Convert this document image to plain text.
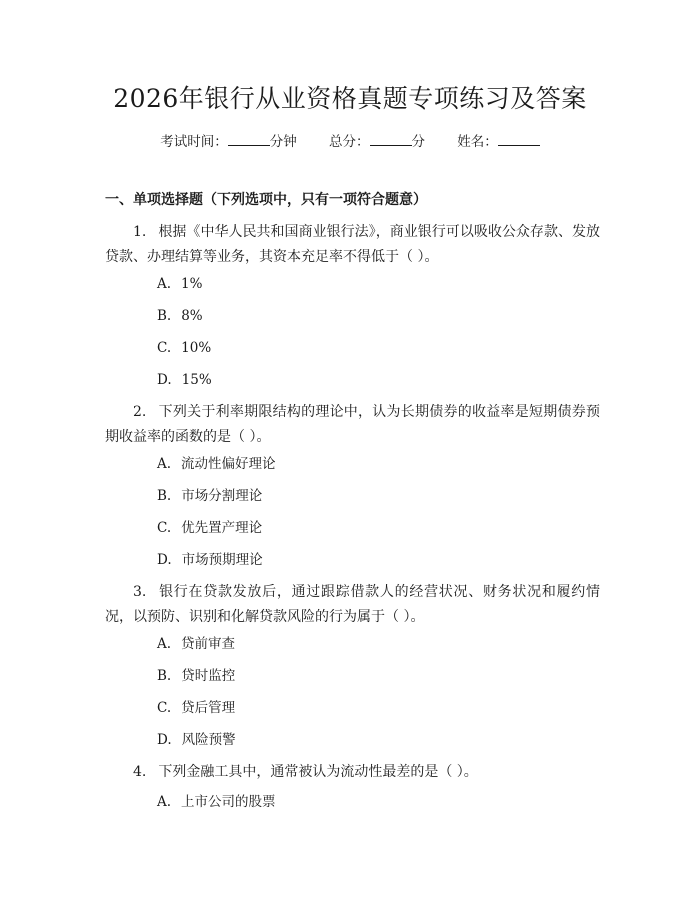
2026年银行从业资格真题专项练习及答案
考试时间：	分钟 总分：	分 姓名：
一、单项选择题（下列选项中，只有一项符合题意）
1. 根据《中华人民共和国商业银行法》，商业银行可以吸收公众存款、发放贷款、办理结算等业务，其资本充足率不得低于（ ）。
A. 1%
B. 8%
C. 10%
D. 15%
2. 下列关于利率期限结构的理论中，认为长期债券的收益率是短期债券预期收益率的函数的是（ ）。
A. 流动性偏好理论
B. 市场分割理论
C. 优先置产理论
D. 市场预期理论
3. 银行在贷款发放后，通过跟踪借款人的经营状况、财务状况和履约情况，以预防、识别和化解贷款风险的行为属于（ ）。
A. 贷前审查
B. 贷时监控
C. 贷后管理
D. 风险预警
4. 下列金融工具中，通常被认为流动性最差的是（ ）。
A. 上市公司的股票
